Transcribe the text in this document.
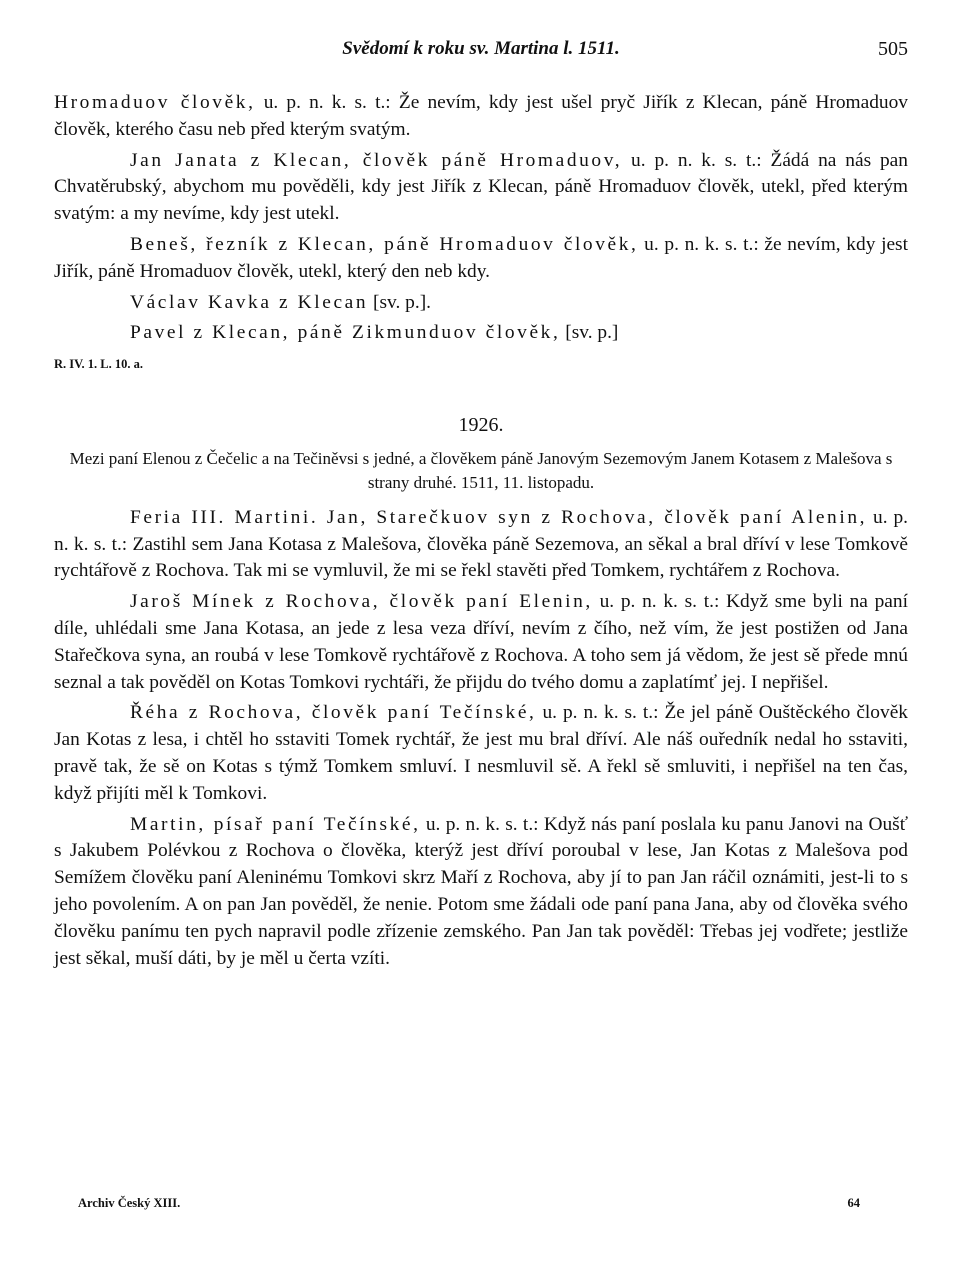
Svědomí k roku sv. Martina l. 1511.	505

Hromaduov člověk, u. p. n. k. s. t.: Že nevím, kdy jest ušel pryč Jiřík z Klecan, páně Hromaduov člověk, kterého času neb před kterým svatým.

Jan Janata z Klecan, člověk páně Hromaduov, u. p. n. k. s. t.: Žádá na nás pan Chvatěrubský, abychom mu pověděli, kdy jest Jiřík z Klecan, páně Hromaduov člověk, utekl, před kterým svatým: a my nevíme, kdy jest utekl.

Beneš, řezník z Klecan, páně Hromaduov člověk, u. p. n. k. s. t.: že nevím, kdy jest Jiřík, páně Hromaduov člověk, utekl, který den neb kdy.

Václav Kavka z Klecan [sv. p.].

Pavel z Klecan, páně Zikmunduov člověk, [sv. p.]

R. IV. 1. L. 10. a.
1926.
Mezi paní Elenou z Čečelic a na Tečiněvsi s jedné, a člověkem páně Janovým Sezemovým Janem Kotasem z Malešova s strany druhé. 1511, 11. listopadu.

Feria III. Martini. Jan, Starečkuov syn z Rochova, člověk paní Alenin, u. p. n. k. s. t.: Zastihl sem Jana Kotasa z Malešova, člověka páně Sezemova, an sěkal a bral dříví v lese Tomkově rychtářově z Rochova. Tak mi se vymluvil, že mi se řekl stavěti před Tomkem, rychtářem z Rochova.

Jaroš Mínek z Rochova, člověk paní Elenin, u. p. n. k. s. t.: Když sme byli na paní díle, uhlédali sme Jana Kotasa, an jede z lesa veza dříví, nevím z čího, než vím, že jest postižen od Jana Stařečkova syna, an roubá v lese Tomkově rychtářově z Rochova. A toho sem já vědom, že jest sě přede mnú seznal a tak pověděl on Kotas Tomkovi rychtáři, že přijdu do tvého domu a zaplatímť jej. I nepřišel.

Řéha z Rochova, člověk paní Tečínské, u. p. n. k. s. t.: Že jel páně Ouštěckého člověk Jan Kotas z lesa, i chtěl ho sstaviti Tomek rychtář, že jest mu bral dříví. Ale náš ouředník nedal ho sstaviti, pravě tak, že sě on Kotas s týmž Tomkem smluví. I nesmluvil sě. A řekl sě smluviti, i nepřišel na ten čas, když přijíti měl k Tomkovi.

Martin, písař paní Tečínské, u. p. n. k. s. t.: Když nás paní poslala ku panu Janovi na Oušť s Jakubem Polévkou z Rochova o člověka, kterýž jest dříví poroubal v lese, Jan Kotas z Malešova pod Semížem člověku paní Aleninému Tomkovi skrz Maří z Rochova, aby jí to pan Jan ráčil oznámiti, jest-li to s jeho povolením. A on pan Jan pověděl, že nenie. Potom sme žádali ode paní pana Jana, aby od člověka svého člověku panímu ten pych napravil podle zřízenie zemského. Pan Jan tak pověděl: Třebas jej vodřete; jestliže jest sěkal, muší dáti, by je měl u čerta vzíti.

Archiv Český XIII.	64
